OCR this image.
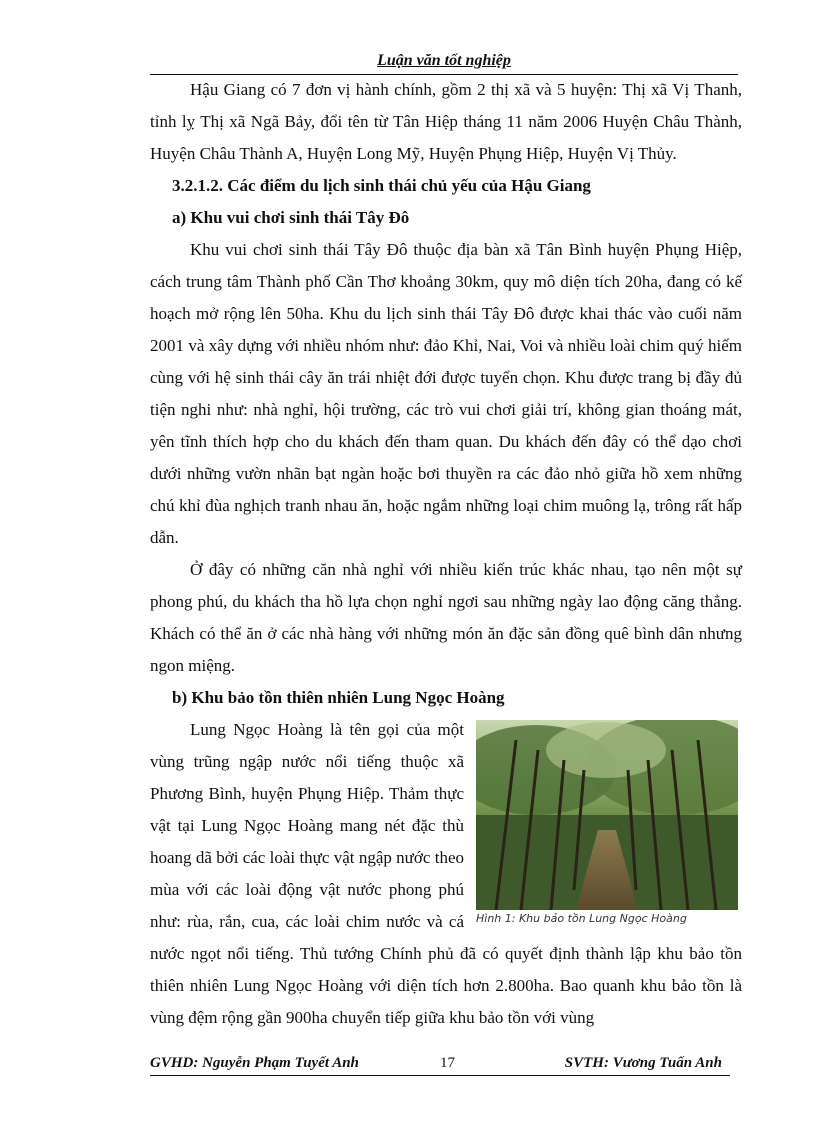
Luận văn tốt nghiệp

Hậu Giang có 7 đơn vị hành chính, gồm 2 thị xã và 5 huyện: Thị xã Vị Thanh, tỉnh lỵ Thị xã Ngã Bảy, đổi tên từ Tân Hiệp tháng 11 năm 2006 Huyện Châu Thành, Huyện Châu Thành A, Huyện Long Mỹ, Huyện Phụng Hiệp, Huyện Vị Thủy.

3.2.1.2. Các điểm du lịch sinh thái chủ yếu của Hậu Giang

a) Khu vui chơi sinh thái Tây Đô

Khu vui chơi sinh thái Tây Đô thuộc địa bàn xã Tân Bình huyện Phụng Hiệp, cách trung tâm Thành phố Cần Thơ khoảng 30km, quy mô diện tích 20ha, đang có kế hoạch mở rộng lên 50ha. Khu du lịch sinh thái Tây Đô được khai thác vào cuối năm 2001 và xây dựng với nhiều nhóm như: đảo Khỉ, Nai, Voi và nhiều loài chim quý hiếm cùng với hệ sinh thái cây ăn trái nhiệt đới được tuyển chọn. Khu được trang bị đầy đủ tiện nghi như: nhà nghỉ, hội trường, các trò vui chơi giải trí, không gian thoáng mát, yên tĩnh thích hợp cho du khách đến tham quan. Du khách đến đây có thể dạo chơi dưới những vườn nhãn bạt ngàn hoặc bơi thuyền ra các đảo nhỏ giữa hồ xem những chú khỉ đùa nghịch tranh nhau ăn, hoặc ngắm những loại chim muông lạ, trông rất hấp dẫn.

Ở đây có những căn nhà nghỉ với nhiều kiến trúc khác nhau, tạo nên một sự phong phú, du khách tha hồ lựa chọn nghỉ ngơi sau những ngày lao động căng thẳng. Khách có thể ăn ở các nhà hàng với những món ăn đặc sản đồng quê bình dân nhưng ngon miệng.

b) Khu bảo tồn thiên nhiên Lung Ngọc Hoàng

Hình 1: Khu bảo tồn Lung Ngọc Hoàng

Lung Ngọc Hoàng là tên gọi của một vùng trũng ngập nước nổi tiếng thuộc xã Phương Bình, huyện Phụng Hiệp. Thảm thực vật tại Lung Ngọc Hoàng mang nét đặc thù hoang dã bởi các loài thực vật ngập nước theo mùa với các loài động vật nước phong phú như: rùa, rắn, cua, các loài chim nước và cá nước ngọt nổi tiếng. Thủ tướng Chính phủ đã có quyết định thành lập khu bảo tồn thiên nhiên Lung Ngọc Hoàng với diện tích hơn 2.800ha. Bao quanh khu bảo tồn là vùng đệm rộng gần 900ha chuyển tiếp giữa khu bảo tồn với vùng

GVHD: Nguyễn Phạm Tuyết Anh	17	SVTH: Vương Tuấn Anh
